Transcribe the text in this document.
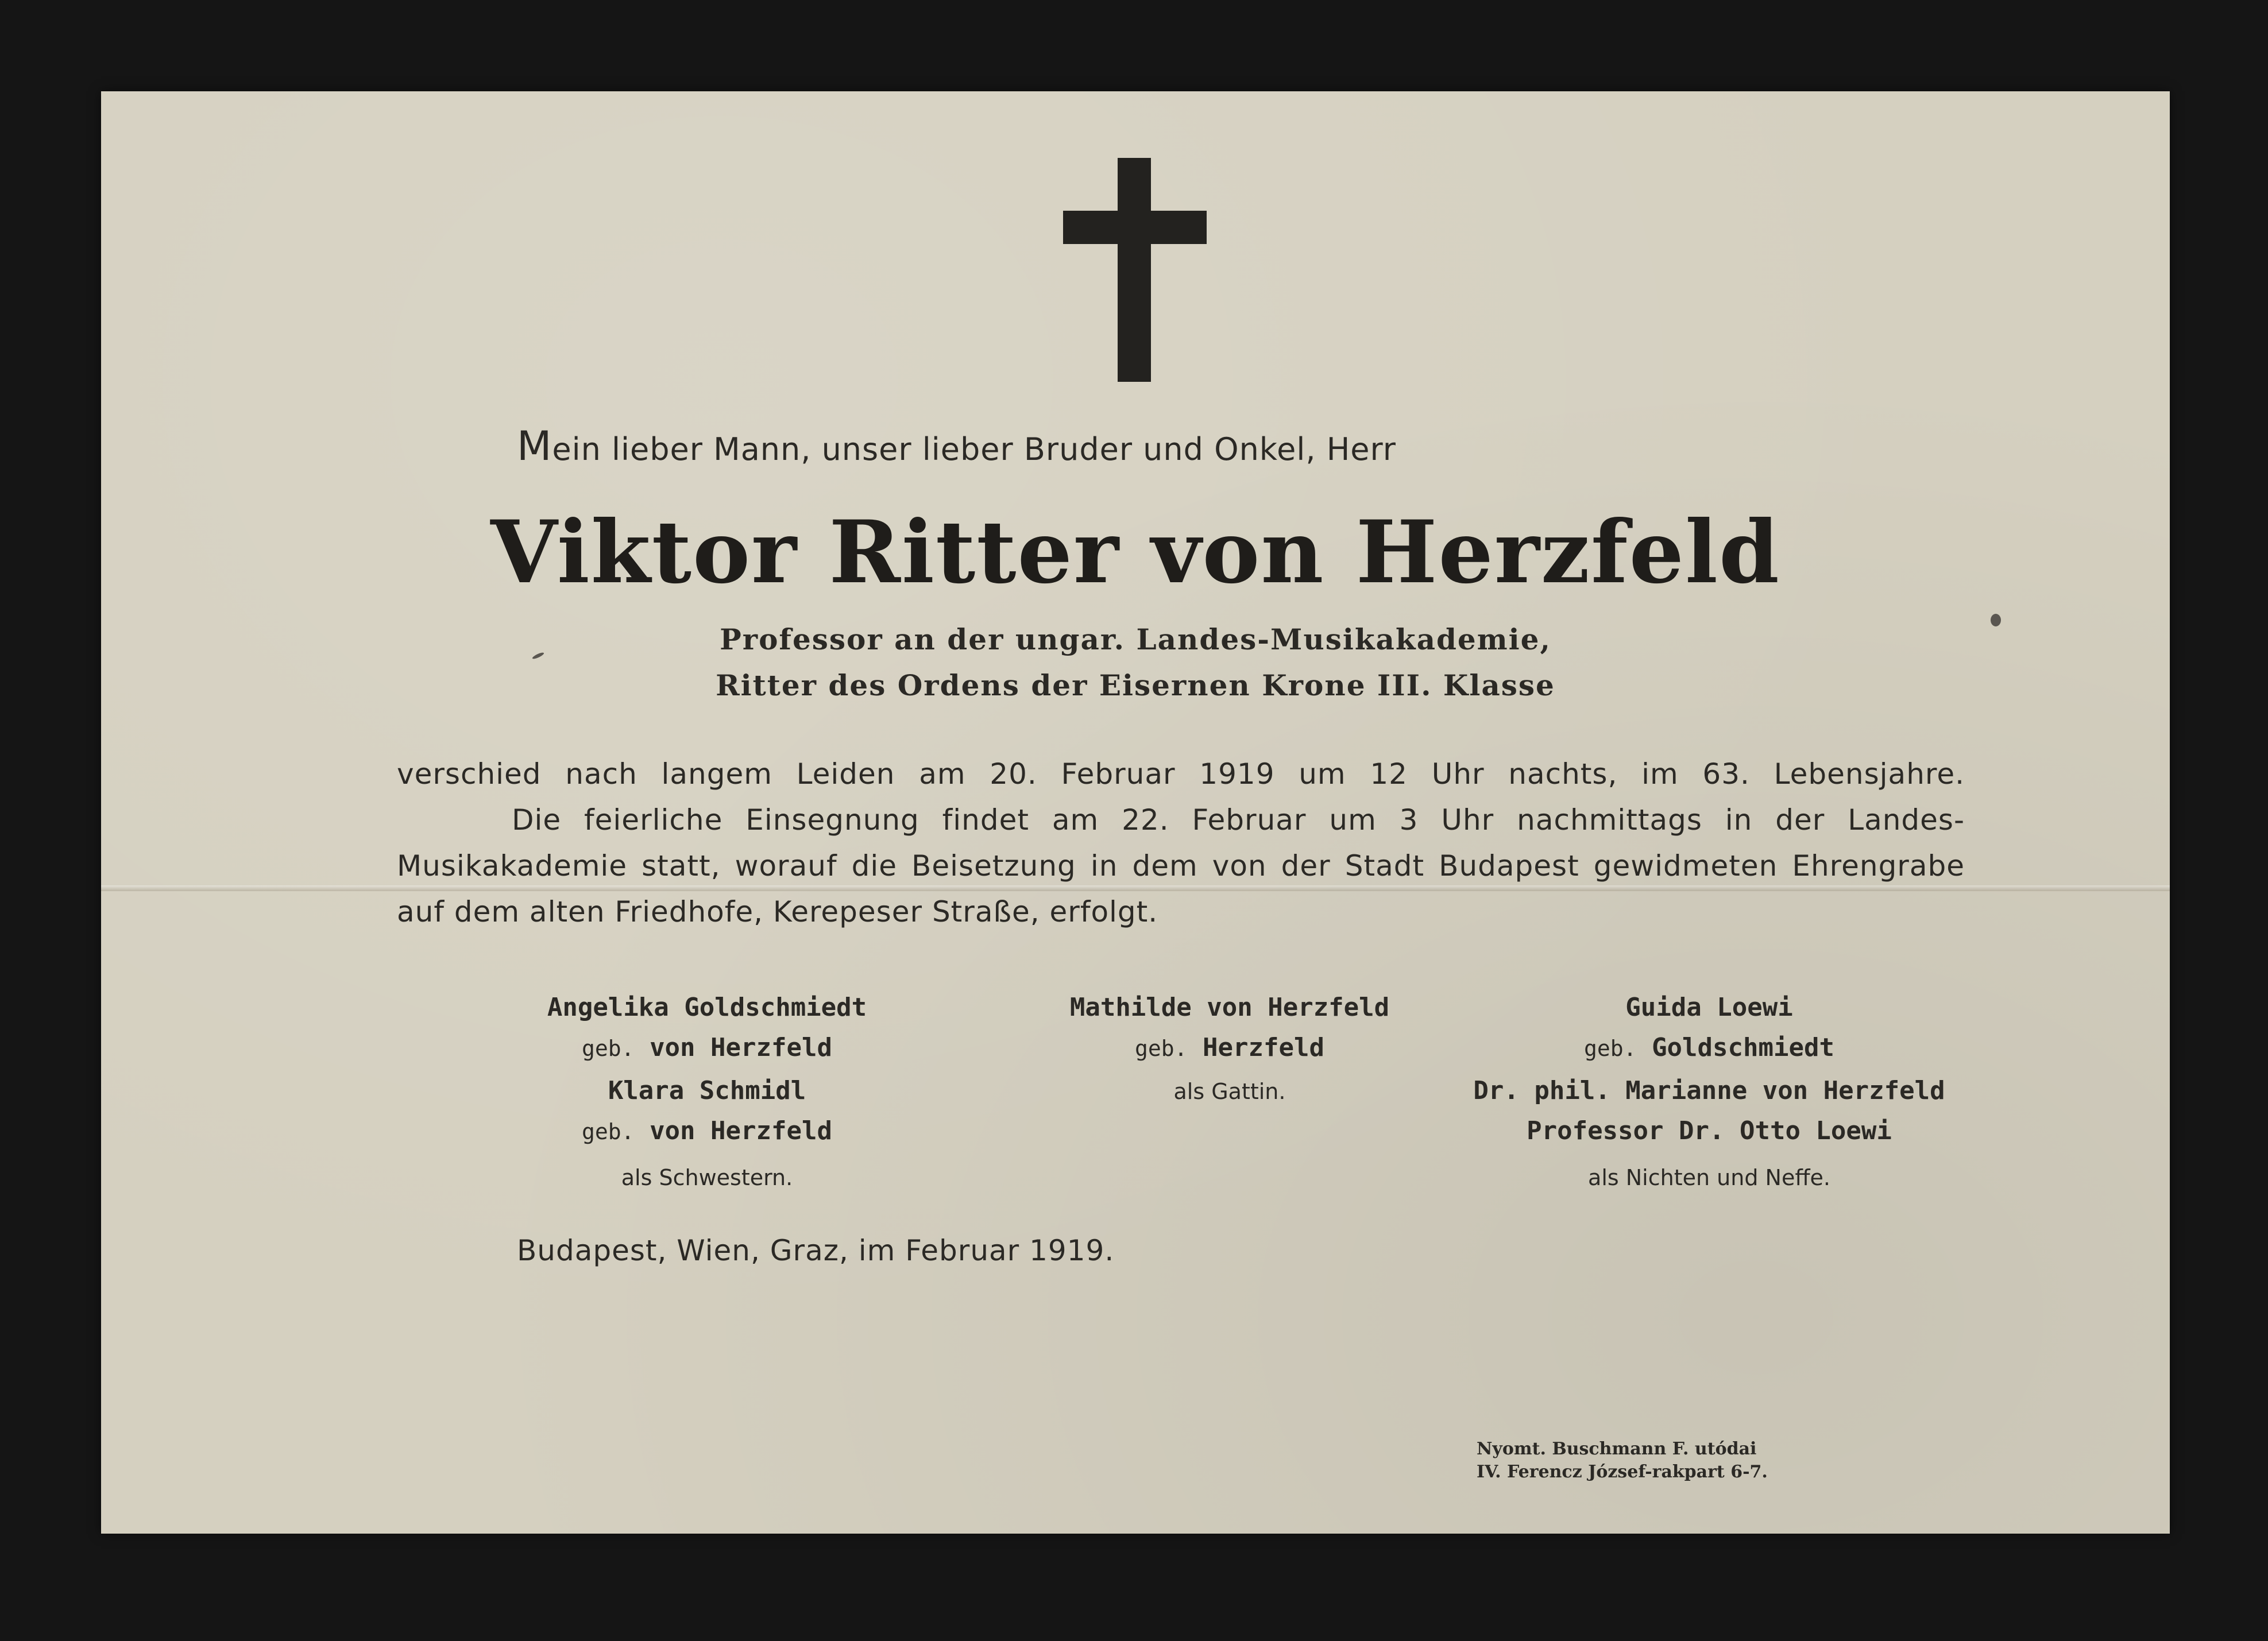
Mein lieber Mann, unser lieber Bruder und Onkel, Herr
Viktor Ritter von Herzfeld
Professor an der ungar. Landes-Musikakademie,
Ritter des Ordens der Eisernen Krone III. Klasse
verschied nach langem Leiden am 20. Februar 1919 um 12 Uhr nachts, im 63. Lebensjahre.
Die feierliche Einsegnung findet am 22. Februar um 3 Uhr nachmittags in der Landes-
Musikakademie statt, worauf die Beisetzung in dem von der Stadt Budapest gewidmeten Ehrengrabe
auf dem alten Friedhofe, Kerepeser Straße, erfolgt.
Angelika Goldschmiedt
geb. von Herzfeld
Klara Schmidl
geb. von Herzfeld
als Schwestern.
Mathilde von Herzfeld
geb. Herzfeld
als Gattin.
Guida Loewi
geb. Goldschmiedt
Dr. phil. Marianne von Herzfeld
Professor Dr. Otto Loewi
als Nichten und Neffe.
Budapest, Wien, Graz, im Februar 1919.
Nyomt. Buschmann F. utódai
IV. Ferencz József-rakpart 6-7.
